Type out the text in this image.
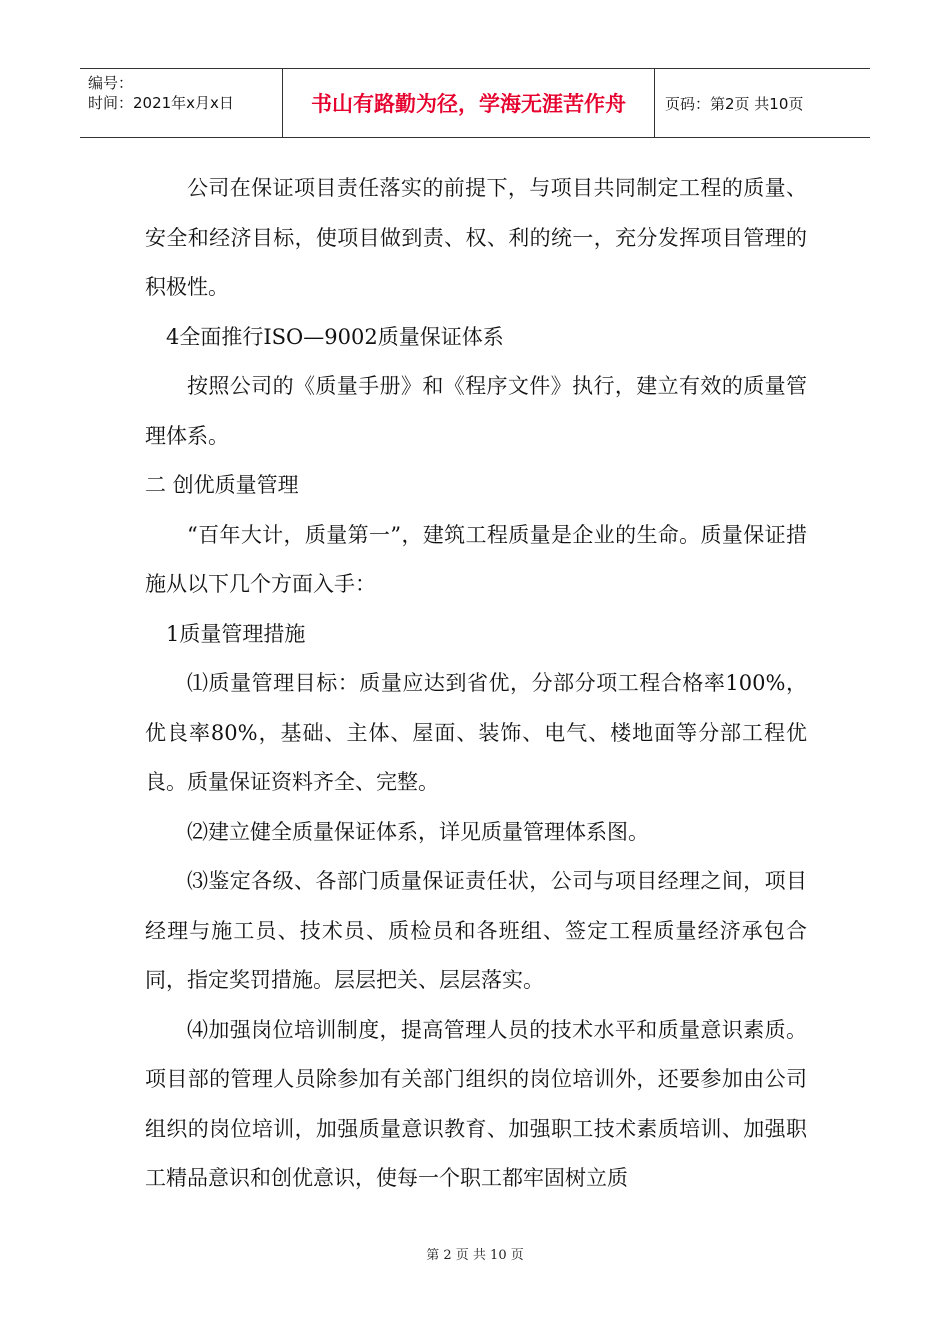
编号：
时间：2021年x月x日	书山有路勤为径，学海无涯苦作舟	页码：第2页 共10页

公司在保证项目责任落实的前提下，与项目共同制定工程的质量、安全和经济目标，使项目做到责、权、利的统一，充分发挥项目管理的积极性。

4全面推行ISO—9002质量保证体系

按照公司的《质量手册》和《程序文件》执行，建立有效的质量管理体系。

二 创优质量管理

“百年大计，质量第一”，建筑工程质量是企业的生命。质量保证措施从以下几个方面入手：

1质量管理措施

⑴质量管理目标：质量应达到省优，分部分项工程合格率100%，优良率80%，基础、主体、屋面、装饰、电气、楼地面等分部工程优良。质量保证资料齐全、完整。

⑵建立健全质量保证体系，详见质量管理体系图。

⑶鉴定各级、各部门质量保证责任状，公司与项目经理之间，项目经理与施工员、技术员、质检员和各班组、签定工程质量经济承包合同，指定奖罚措施。层层把关、层层落实。

⑷加强岗位培训制度，提高管理人员的技术水平和质量意识素质。项目部的管理人员除参加有关部门组织的岗位培训外，还要参加由公司组织的岗位培训，加强质量意识教育、加强职工技术素质培训、加强职工精品意识和创优意识，使每一个职工都牢固树立质

第 2 页 共 10 页
